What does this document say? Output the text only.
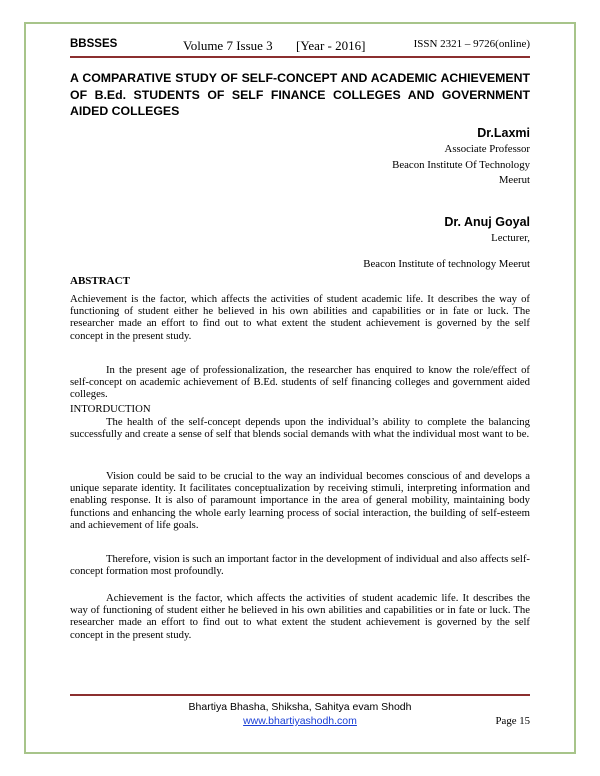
BBSSES	Volume 7 Issue 3 [Year - 2016]	ISSN 2321 – 9726(online)
A COMPARATIVE STUDY OF SELF-CONCEPT AND ACADEMIC ACHIEVEMENT OF B.Ed. STUDENTS OF SELF FINANCE COLLEGES AND GOVERNMENT AIDED COLLEGES
Dr.Laxmi
Associate Professor
Beacon Institute Of Technology
Meerut
Dr. Anuj Goyal
Lecturer,
Beacon Institute of technology Meerut
ABSTRACT

Achievement is the factor, which affects the activities of student academic life. It describes the way of functioning of student either he believed in his own abilities and capabilities or in fate or luck. The researcher made an effort to find out to what extent the student achievement is governed by the self concept in the present study.

In the present age of professionalization, the researcher has enquired to know the role/effect of self-concept on academic achievement of B.Ed. students of self financing colleges and government aided colleges.

INTORDUCTION

The health of the self-concept depends upon the individual’s ability to complete the balancing successfully and create a sense of self that blends social demands with what the individual most want to be.

Vision could be said to be crucial to the way an individual becomes conscious of and develops a unique separate identity. It facilitates conceptualization by receiving stimuli, interpreting information and enabling response. It is also of paramount importance in the area of general mobility, maintaining body functions and enhancing the whole early learning process of social interaction, the building of self-esteem and achievement of life goals.

Therefore, vision is such an important factor in the development of individual and also affects self-concept formation most profoundly.

Achievement is the factor, which affects the activities of student academic life. It describes the way of functioning of student either he believed in his own abilities and capabilities or in fate or luck. The researcher made an effort to find out to what extent the student achievement is governed by the self concept in the present study.

Bhartiya Bhasha, Shiksha, Sahitya evam Shodh
www.bhartiyashodh.com	Page 15
